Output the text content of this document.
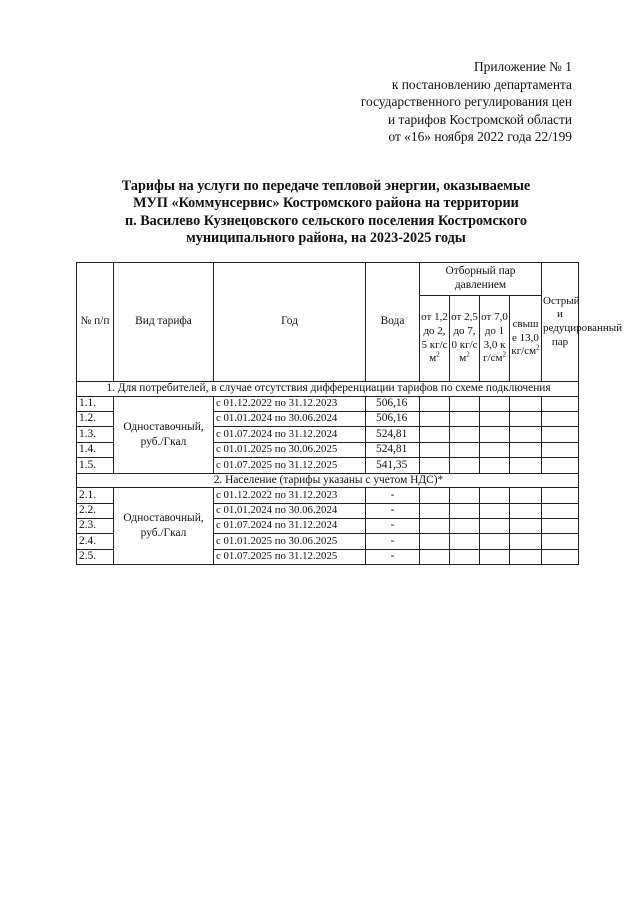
Приложение № 1
к постановлению департамента
государственного регулирования цен
и тарифов Костромской области
от «16» ноября 2022 года 22/199
Тарифы на услуги по передаче тепловой энергии, оказываемые
МУП «Коммунсервис» Костромского района на территории
п. Василево Кузнецовского сельского поселения Костромского
муниципального района, на 2023-2025 годы
№ п/п	Вид тарифа	Год	Вода	Отборный пар давлением				Острый и редуцированный пар
				от 1,2 до 2,5 $кг/см^2$	от 2,5 до 7,0 $кг/см^2$	от 7,0 до 13,0 $кг/см^2$	свыше 13,0 $кг/см^2$
1. Для потребителей, в случае отсутствия дифференциации тарифов по схеме подключения								
1.1.	Одноставочный, руб./Гкал	с 01.12.2022 по 31.12.2023	506,16					
1.2.		с 01.01.2024 по 30.06.2024	506,16					
1.3.		с 01.07.2024 по 31.12.2024	524,81					
1.4.		с 01.01.2025 по 30.06.2025	524,81					
1.5.		с 01.07.2025 по 31.12.2025	541,35					
2. Население (тарифы указаны с учетом НДС)*								
2.1.	Одноставочный, руб./Гкал	с 01.12.2022 по 31.12.2023	-					
2.2.		с 01.01.2024 по 30.06.2024	-					
2.3.		с 01.07.2024 по 31.12.2024	-					
2.4.		с 01.01.2025 по 30.06.2025	-					
2.5.		с 01.07.2025 по 31.12.2025	-					
